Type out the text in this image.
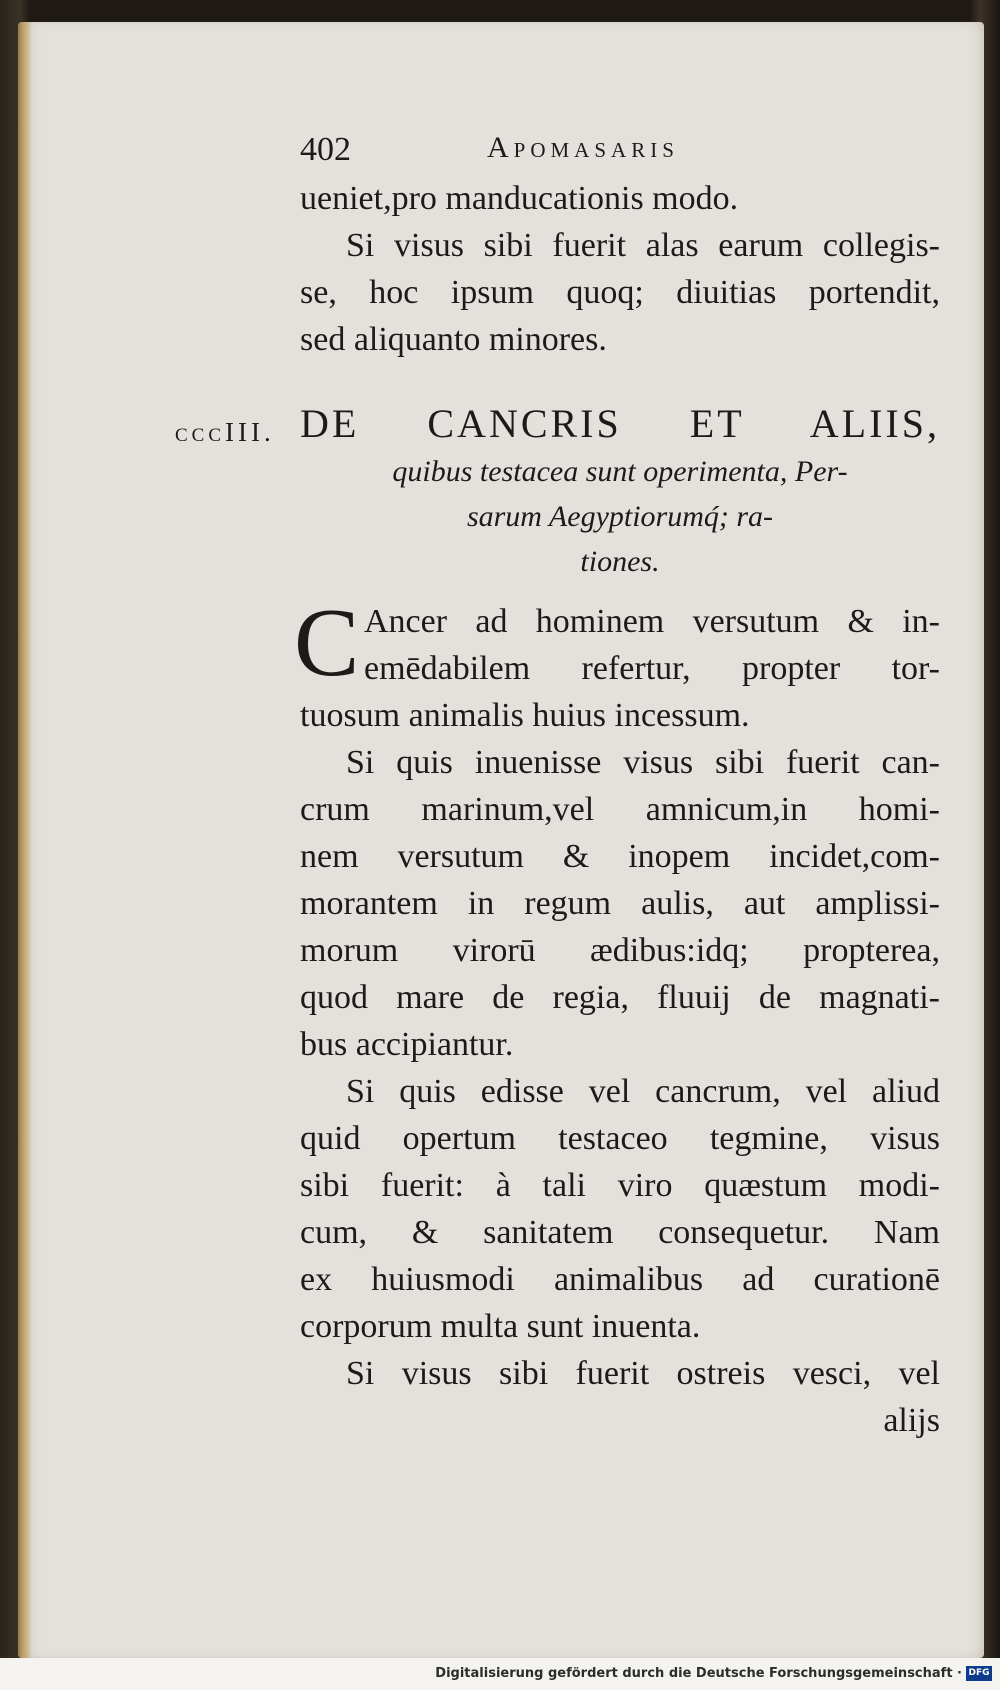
cccIII.
402	Apomasaris
ueniet,pro manducationis modo.
Si visus sibi fuerit alas earum collegis-
se, hoc ipsum quoq; diuitias portendit,
sed aliquanto minores.
DE CANCRIS ET ALIIS,
quibus testacea sunt operimenta, Per-
sarum Aegyptiorumq́; ra-
tiones.
C Ancer ad hominem versutum & in-
emēdabilem refertur, propter tor-
tuosum animalis huius incessum.
Si quis inuenisse visus sibi fuerit can-
crum marinum,vel amnicum,in homi-
nem versutum & inopem incidet,com-
morantem in regum aulis, aut amplissi-
morum virorū ædibus:idq; propterea,
quod mare de regia, fluuij de magnati-
bus accipiantur.
Si quis edisse vel cancrum, vel aliud
quid opertum testaceo tegmine, visus
sibi fuerit: à tali viro quæstum modi-
cum, & sanitatem consequetur. Nam
ex huiusmodi animalibus ad curationē
corporum multa sunt inuenta.
Si visus sibi fuerit ostreis vesci, vel
alijs
Digitalisierung gefördert durch die Deutsche Forschungsgemeinschaft · DFG
